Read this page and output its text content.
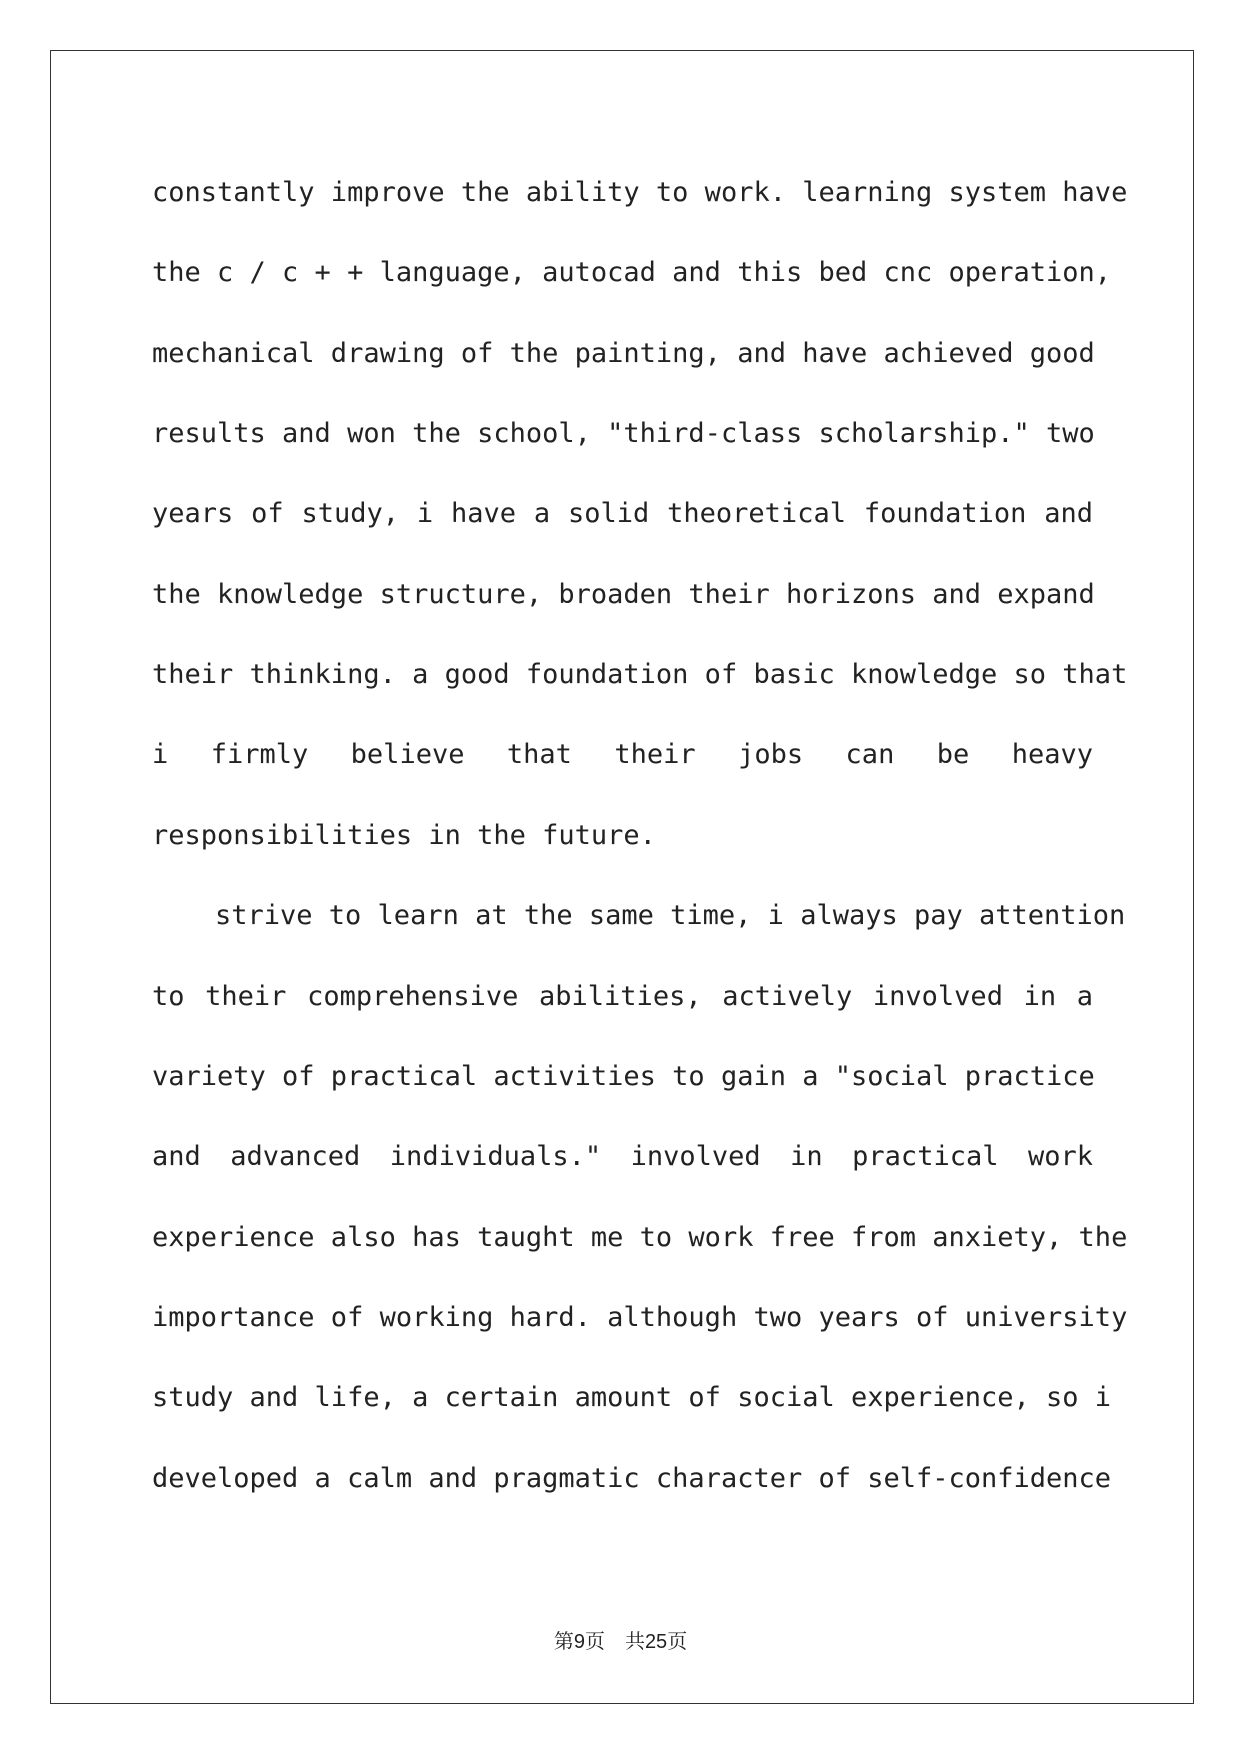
constantly improve the ability to work. learning system have
the c / c + + language, autocad and this bed cnc operation,
mechanical drawing of the painting, and have achieved good
results and won the school, "third-class scholarship." two
years of study, i have a solid theoretical foundation and
the knowledge structure, broaden their horizons and expand
their thinking. a good foundation of basic knowledge so that
i firmly believe that their jobs can be heavy
responsibilities in the future.
strive to learn at the same time, i always pay attention
to their comprehensive abilities, actively involved in a
variety of practical activities to gain a "social practice
and advanced individuals." involved in practical work
experience also has taught me to work free from anxiety, the
importance of working hard. although two years of university
study and life, a certain amount of social experience, so i
developed a calm and pragmatic character of self-confidence
第9页 共25页
